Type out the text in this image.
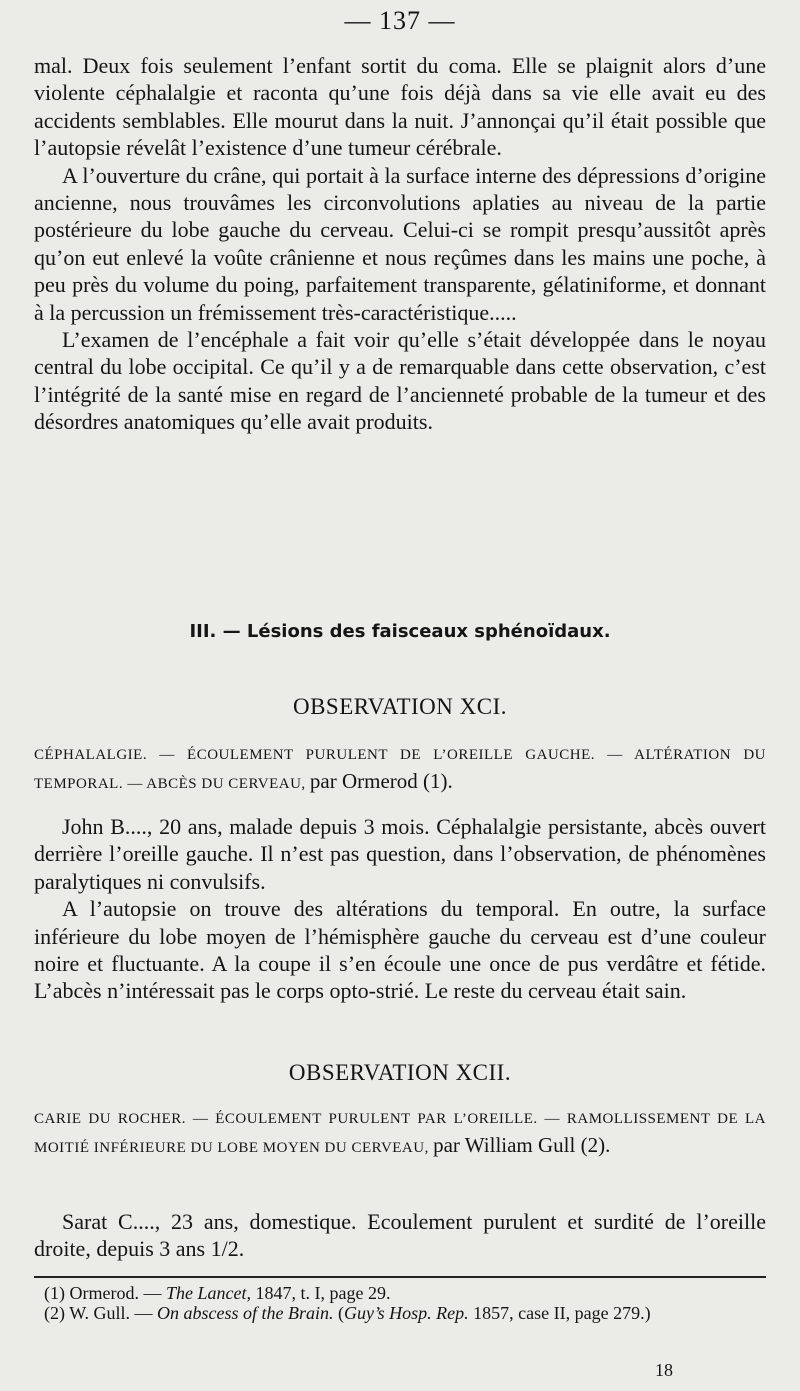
— 137 —

mal. Deux fois seulement l’enfant sortit du coma. Elle se plaignit alors d’une violente céphalalgie et raconta qu’une fois déjà dans sa vie elle avait eu des accidents semblables. Elle mourut dans la nuit. J’annonçai qu’il était possible que l’autopsie révelât l’existence d’une tumeur cérébrale.

A l’ouverture du crâne, qui portait à la surface interne des dépressions d’origine ancienne, nous trouvâmes les circonvolutions aplaties au niveau de la partie postérieure du lobe gauche du cerveau. Celui-ci se rompit presqu’aussitôt après qu’on eut enlevé la voûte crânienne et nous reçûmes dans les mains une poche, à peu près du volume du poing, parfaitement transparente, gélatiniforme, et donnant à la percussion un frémissement très-caractéristique.....

L’examen de l’encéphale a fait voir qu’elle s’était développée dans le noyau central du lobe occipital. Ce qu’il y a de remarquable dans cette observation, c’est l’intégrité de la santé mise en regard de l’ancienneté probable de la tumeur et des désordres anatomiques qu’elle avait produits.

III. — Lésions des faisceaux sphénoïdaux.
OBSERVATION XCI.
CÉPHALALGIE. — ÉCOULEMENT PURULENT DE L’OREILLE GAUCHE. — ALTÉRATION DU TEMPORAL. — ABCÈS DU CERVEAU, par Ormerod (1).

John B...., 20 ans, malade depuis 3 mois. Céphalalgie persistante, abcès ouvert derrière l’oreille gauche. Il n’est pas question, dans l’observation, de phénomènes paralytiques ni convulsifs.

A l’autopsie on trouve des altérations du temporal. En outre, la surface inférieure du lobe moyen de l’hémisphère gauche du cerveau est d’une couleur noire et fluctuante. A la coupe il s’en écoule une once de pus verdâtre et fétide. L’abcès n’intéressait pas le corps opto-strié. Le reste du cerveau était sain.

OBSERVATION XCII.
CARIE DU ROCHER. — ÉCOULEMENT PURULENT PAR L’OREILLE. — RAMOLLISSEMENT DE LA MOITIÉ INFÉRIEURE DU LOBE MOYEN DU CERVEAU, par William Gull (2).

Sarat C...., 23 ans, domestique. Ecoulement purulent et surdité de l’oreille droite, depuis 3 ans 1/2.

(1) Ormerod. — The Lancet, 1847, t. I, page 29.
(2) W. Gull. — On abscess of the Brain. (Guy’s Hosp. Rep. 1857, case II, page 279.)
18
